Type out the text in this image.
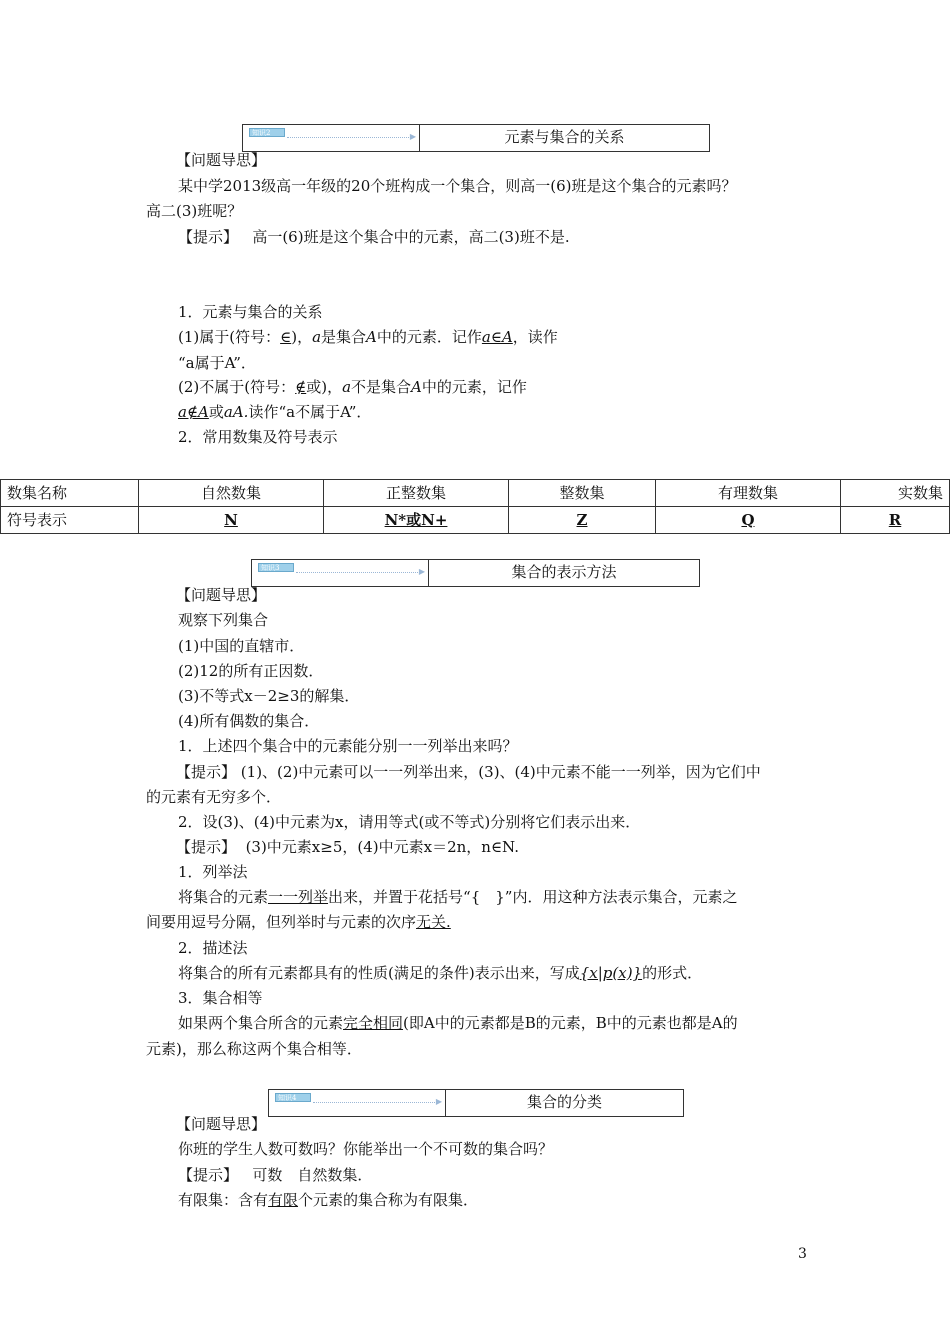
知识2	▶	元素与集合的关系
【问题导思】
某中学2013级高一年级的20个班构成一个集合，则高一(6)班是这个集合的元素吗？
高二(3)班呢？
【提示】 高一(6)班是这个集合中的元素，高二(3)班不是.
1．元素与集合的关系
(1)属于(符号：∈)，a是集合A中的元素．记作a∈A，读作
“a属于A”．
(2)不属于(符号：∉或)，a不是集合A中的元素，记作
a∉A或aA.读作“a不属于A”．
2．常用数集及符号表示
数集名称	自然数集	正整数集	整数集	有理数集	实数集
符号表示	N	N*或N+	Z	Q	R
知识3	▶	集合的表示方法
【问题导思】
观察下列集合
(1)中国的直辖市．
(2)12的所有正因数．
(3)不等式x－2≥3的解集．
(4)所有偶数的集合．
1．上述四个集合中的元素能分别一一列举出来吗？
【提示】 (1)、(2)中元素可以一一列举出来，(3)、(4)中元素不能一一列举，因为它们中
的元素有无穷多个．
2．设(3)、(4)中元素为x，请用等式(或不等式)分别将它们表示出来．
【提示】 (3)中元素x≥5，(4)中元素x＝2n，n∈N.
1．列举法
将集合的元素一一列举出来，并置于花括号“{　}”内．用这种方法表示集合，元素之
间要用逗号分隔，但列举时与元素的次序无关.
2．描述法
将集合的所有元素都具有的性质(满足的条件)表示出来，写成{x|p(x)}的形式．
3．集合相等
如果两个集合所含的元素完全相同(即A中的元素都是B的元素，B中的元素也都是A的
元素)，那么称这两个集合相等．
知识4	▶	集合的分类
【问题导思】
你班的学生人数可数吗？你能举出一个不可数的集合吗？
【提示】 可数　自然数集．
有限集：含有有限个元素的集合称为有限集．
3
